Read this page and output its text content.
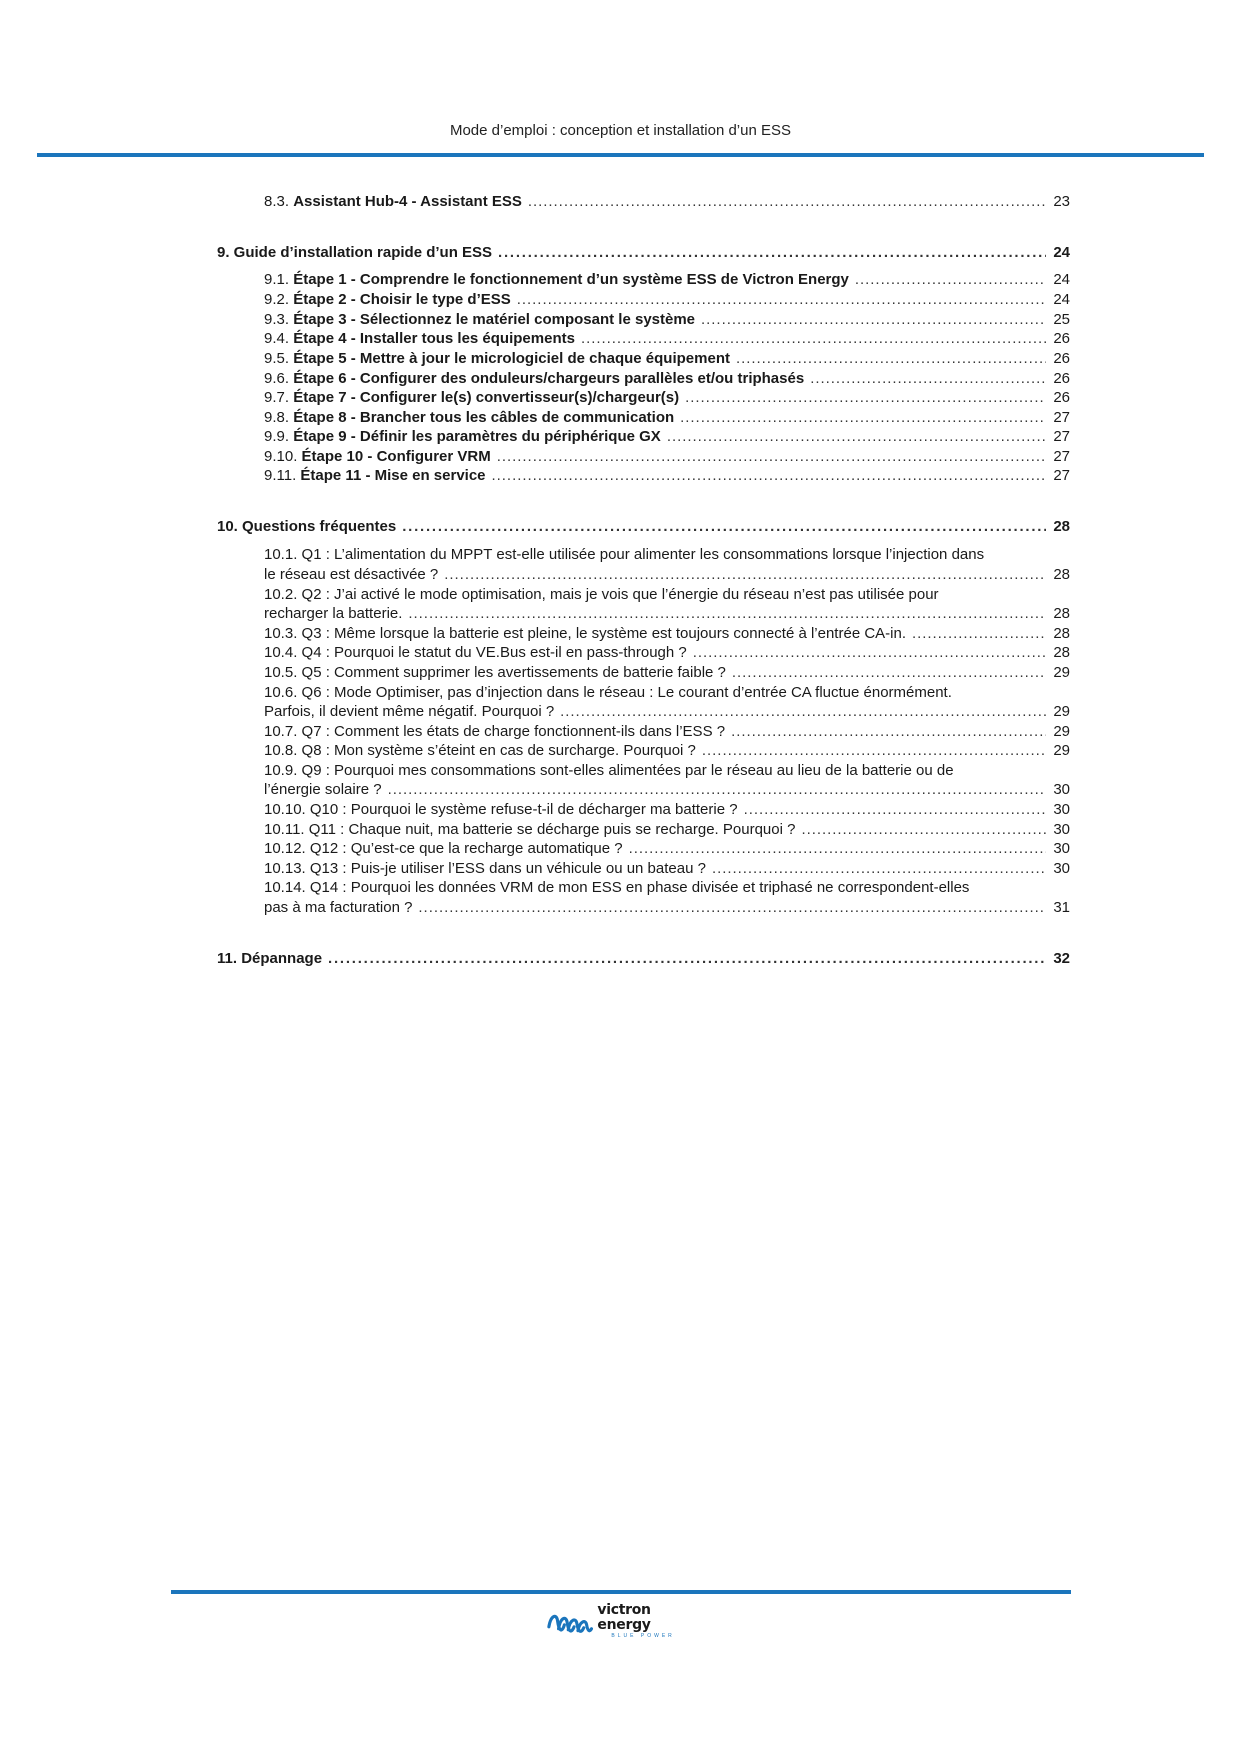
Mode d’emploi : conception et installation d’un ESS
8.3. Assistant Hub-4 - Assistant ESS . . .	23
9. Guide d’installation rapide d’un ESS . . .	24
9.1. Étape 1 - Comprendre le fonctionnement d’un système ESS de Victron Energy . . .	24
9.2. Étape 2 - Choisir le type d’ESS . . .	24
9.3. Étape 3 - Sélectionnez le matériel composant le système . . .	25
9.4. Étape 4 - Installer tous les équipements . . .	26
9.5. Étape 5 - Mettre à jour le micrologiciel de chaque équipement . . .	26
9.6. Étape 6 - Configurer des onduleurs/chargeurs parallèles et/ou triphasés . . .	26
9.7. Étape 7 - Configurer le(s) convertisseur(s)/chargeur(s) . . .	26
9.8. Étape 8 - Brancher tous les câbles de communication . . .	27
9.9. Étape 9 - Définir les paramètres du périphérique GX . . .	27
9.10. Étape 10 - Configurer VRM . . .	27
9.11. Étape 11 - Mise en service . . .	27
10. Questions fréquentes . . .	28
10.1. Q1 : L’alimentation du MPPT est-elle utilisée pour alimenter les consommations lorsque l’injection dans
le réseau est désactivée ? . . .	28
10.2. Q2 : J’ai activé le mode optimisation, mais je vois que l’énergie du réseau n’est pas utilisée pour
recharger la batterie. . . .	28
10.3. Q3 : Même lorsque la batterie est pleine, le système est toujours connecté à l’entrée CA-in. . . .	28
10.4. Q4 : Pourquoi le statut du VE.Bus est-il en pass-through ? . . .	28
10.5. Q5 : Comment supprimer les avertissements de batterie faible ? . . .	29
10.6. Q6 : Mode Optimiser, pas d’injection dans le réseau : Le courant d’entrée CA fluctue énormément.
Parfois, il devient même négatif. Pourquoi ? . . .	29
10.7. Q7 : Comment les états de charge fonctionnent-ils dans l’ESS ? . . .	29
10.8. Q8 : Mon système s’éteint en cas de surcharge. Pourquoi ? . . .	29
10.9. Q9 : Pourquoi mes consommations sont-elles alimentées par le réseau au lieu de la batterie ou de
l’énergie solaire ? . . .	30
10.10. Q10 : Pourquoi le système refuse-t-il de décharger ma batterie ? . . .	30
10.11. Q11 : Chaque nuit, ma batterie se décharge puis se recharge. Pourquoi ? . . .	30
10.12. Q12 : Qu’est-ce que la recharge automatique ? . . .	30
10.13. Q13 : Puis-je utiliser l’ESS dans un véhicule ou un bateau ? . . .	30
10.14. Q14 : Pourquoi les données VRM de mon ESS en phase divisée et triphasé ne correspondent-elles
pas à ma facturation ? . . .	31
11. Dépannage . . .	32
victron energy
BLUE POWER
